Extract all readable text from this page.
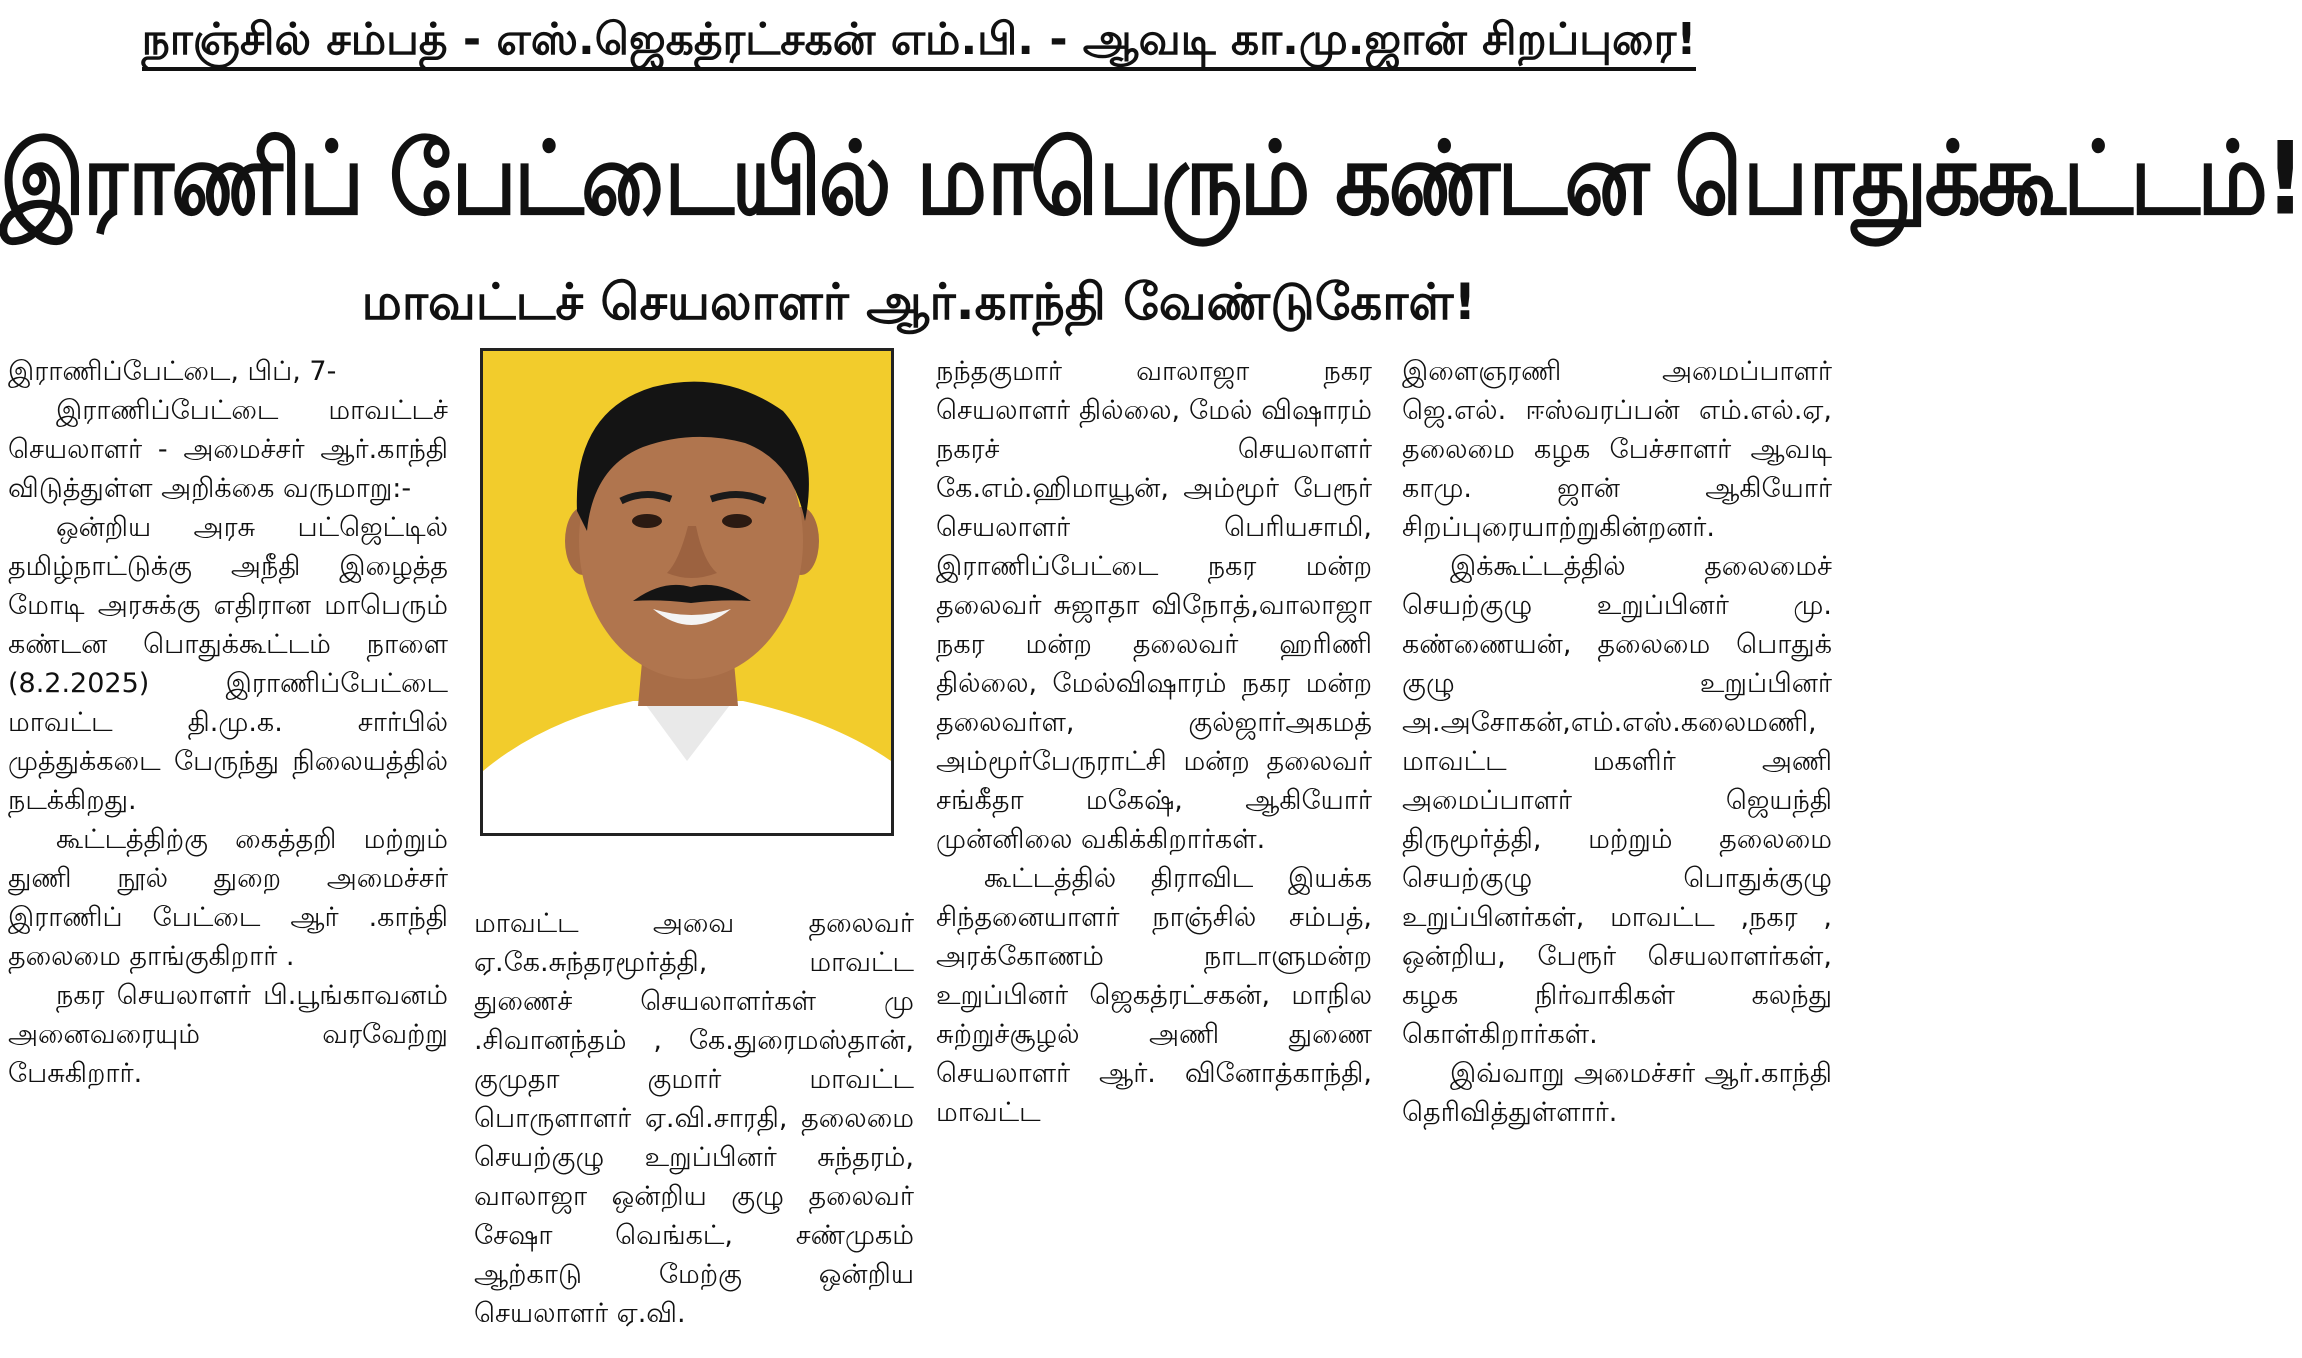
நாஞ்சில் சம்பத் - எஸ்.ஜெகத்ரட்சகன் எம்.பி. - ஆவடி கா.மு.ஜான் சிறப்புரை!
இராணிப் பேட்டையில் மாபெரும் கண்டன பொதுக்கூட்டம்!
மாவட்டச் செயலாளர் ஆர்.காந்தி வேண்டுகோள்!

இராணிப்பேட்டை, பிப், 7-

இராணிப்பேட்டை மாவட்டச் செயலாளர் - அமைச்சர் ஆர்.காந்தி விடுத்துள்ள அறிக்கை வருமாறு:-

ஒன்றிய அரசு பட்ஜெட்டில் தமிழ்நாட்டுக்கு அநீதி இழைத்த மோடி அரசுக்கு எதிரான மாபெரும் கண்டன பொதுக்கூட்டம் நாளை (8.2.2025) இராணிப்பேட்டை மாவட்ட தி.மு.க. சார்பில் முத்துக்கடை பேருந்து நிலையத்தில் நடக்கிறது.

கூட்டத்திற்கு கைத்தறி மற்றும் துணி நூல் துறை அமைச்சர் இராணிப் பேட்டை ஆர் .காந்தி தலைமை தாங்குகிறார் .

நகர செயலாளர் பி.பூங்காவனம் அனைவரையும் வரவேற்று பேசுகிறார்.

மாவட்ட அவை தலைவர் ஏ.கே.சுந்தரமூர்த்தி, மாவட்ட துணைச் செயலாளர்கள் மு .சிவானந்தம் , கே.துரைமஸ்தான், குமுதா குமார் மாவட்ட பொருளாளர் ஏ.வி.சாரதி, தலைமை செயற்குழு உறுப்பினர் சுந்தரம், வாலாஜா ஒன்றிய குழு தலைவர் சேஷா வெங்கட், சண்முகம் ஆற்காடு மேற்கு ஒன்றிய செயலாளர் ஏ.வி.

நந்தகுமார் வாலாஜா நகர செயலாளர் தில்லை, மேல் விஷாரம் நகரச் செயலாளர் கே.எம்.ஹிமாயூன், அம்மூர் பேரூர் செயலாளர் பெரியசாமி, இராணிப்பேட்டை நகர மன்ற தலைவர் சுஜாதா விநோத்,வாலாஜா நகர மன்ற தலைவர் ஹரிணி தில்லை, மேல்விஷாரம் நகர மன்ற தலைவர்ள, குல்ஜார்அகமத் அம்மூர்பேருராட்சி மன்ற தலைவர் சங்கீதா மகேஷ், ஆகியோர் முன்னிலை வகிக்கிறார்கள்.

கூட்டத்தில் திராவிட இயக்க சிந்தனையாளர் நாஞ்சில் சம்பத், அரக்கோணம் நாடாளுமன்ற உறுப்பினர் ஜெகத்ரட்சகன், மாநில சுற்றுச்சூழல் அணி துணை செயலாளர் ஆர். வினோத்காந்தி, மாவட்ட

இளைஞரணி அமைப்பாளர் ஜெ.எல். ஈஸ்வரப்பன் எம்.எல்.ஏ, தலைமை கழக பேச்சாளர் ஆவடி காமு. ஜான் ஆகியோர் சிறப்புரையாற்றுகின்றனர்.

இக்கூட்டத்தில் தலைமைச் செயற்குழு உறுப்பினர் மு. கண்ணையன், தலைமை பொதுக் குழு உறுப்பினர் அ.அசோகன்,எம்.எஸ்.கலைமணி, மாவட்ட மகளிர் அணி அமைப்பாளர் ஜெயந்தி திருமூர்த்தி, மற்றும் தலைமை செயற்குழு பொதுக்குழு உறுப்பினர்கள், மாவட்ட ,நகர , ஒன்றிய, பேரூர் செயலாளர்கள், கழக நிர்வாகிகள் கலந்து கொள்கிறார்கள்.

இவ்வாறு அமைச்சர் ஆர்.காந்தி தெரிவித்துள்ளார்.
